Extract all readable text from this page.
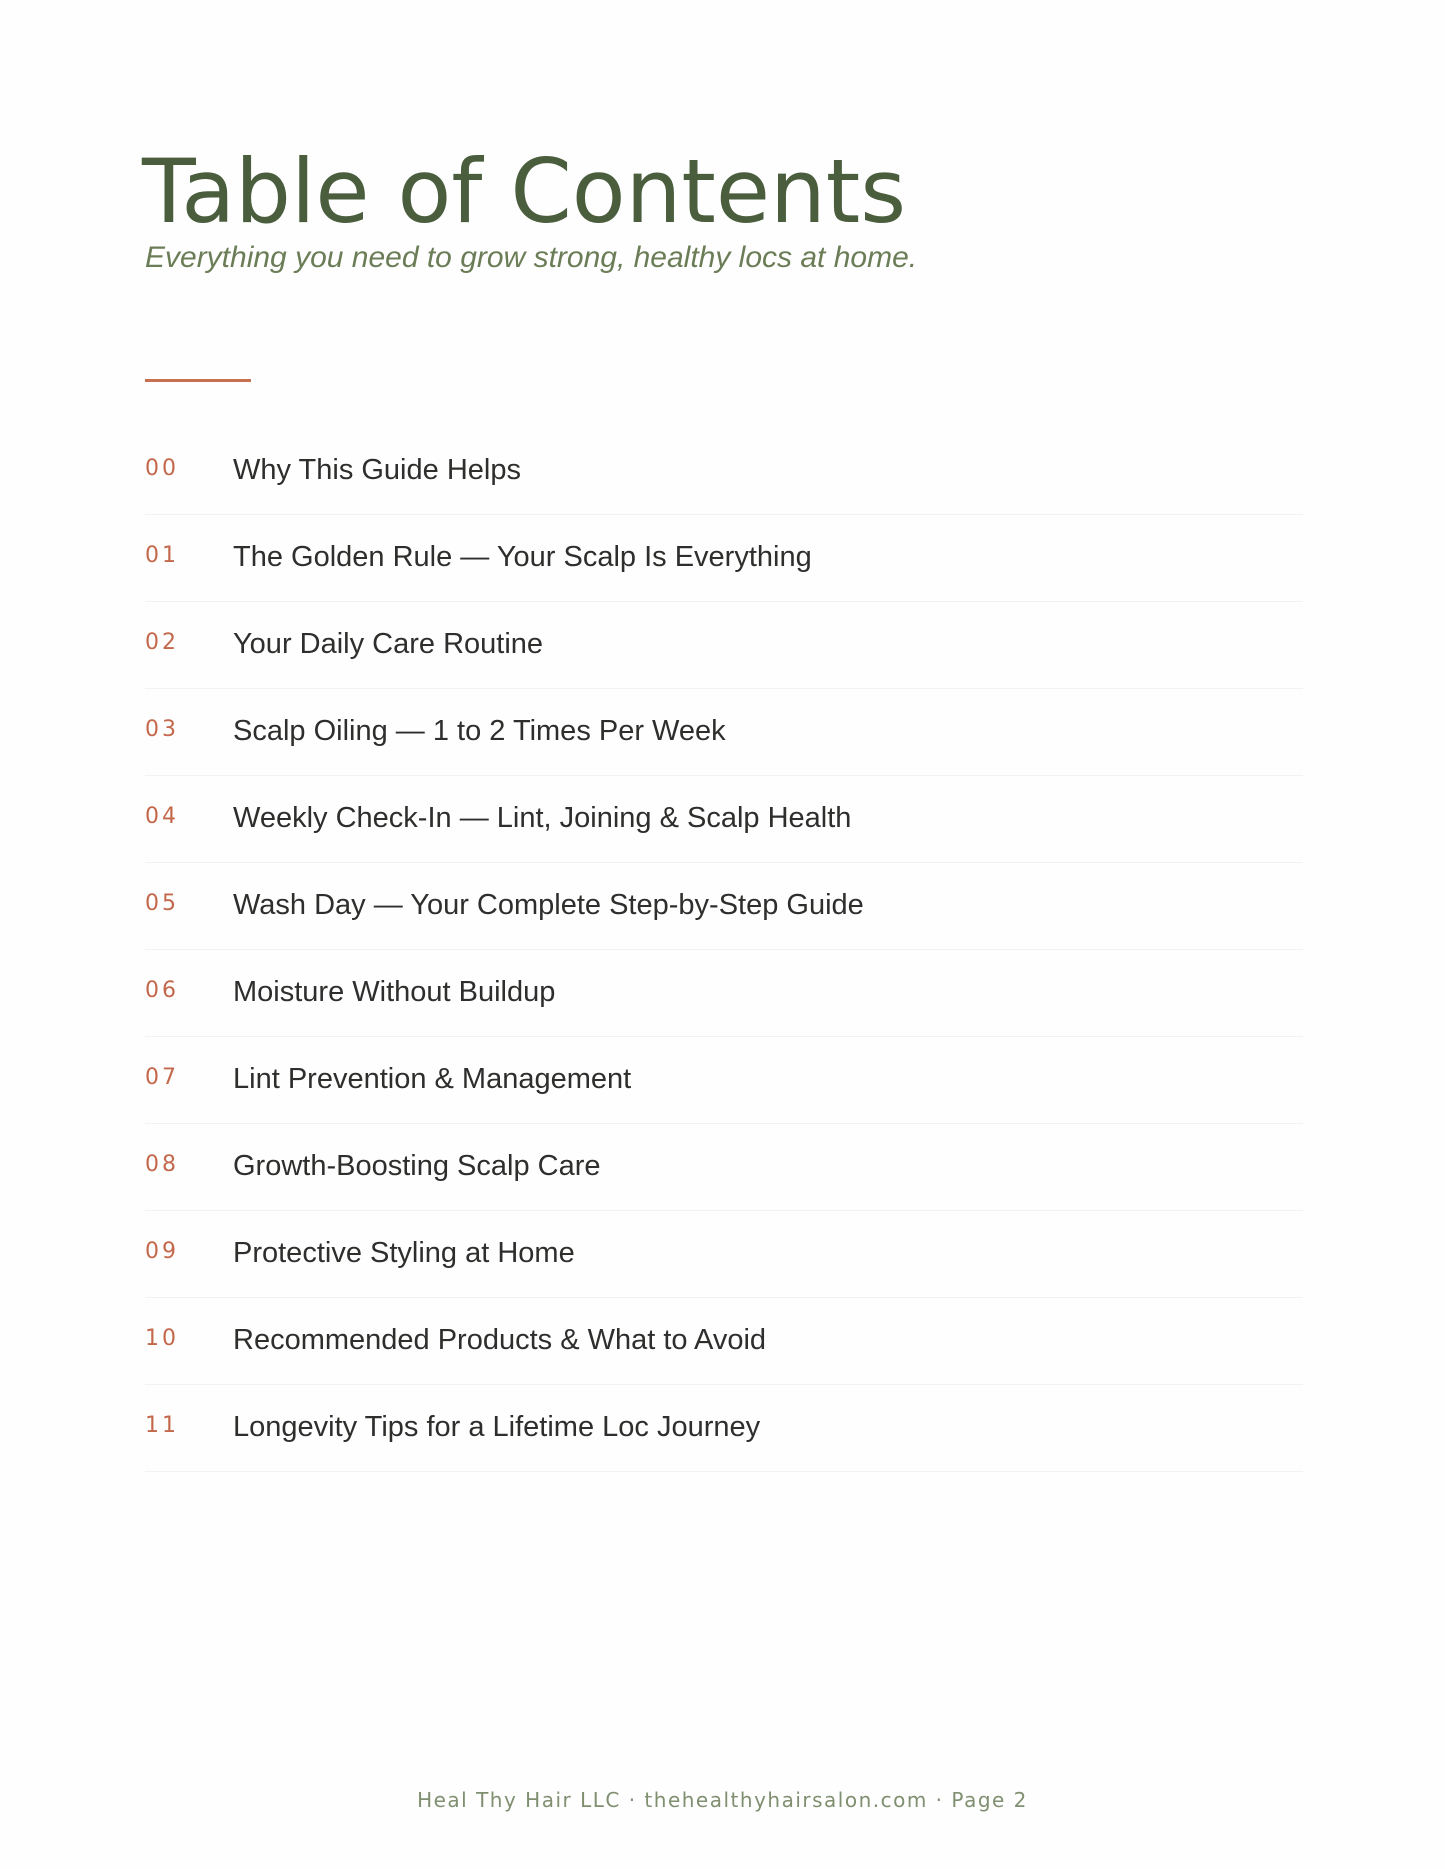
Table of Contents

Everything you need to grow strong, healthy locs at home.

00 Why This Guide Helps
01 The Golden Rule — Your Scalp Is Everything
02 Your Daily Care Routine
03 Scalp Oiling — 1 to 2 Times Per Week
04 Weekly Check-In — Lint, Joining & Scalp Health
05 Wash Day — Your Complete Step-by-Step Guide
06 Moisture Without Buildup
07 Lint Prevention & Management
08 Growth-Boosting Scalp Care
09 Protective Styling at Home
10 Recommended Products & What to Avoid
11 Longevity Tips for a Lifetime Loc Journey
Heal Thy Hair LLC · thehealthyhairsalon.com · Page 2
